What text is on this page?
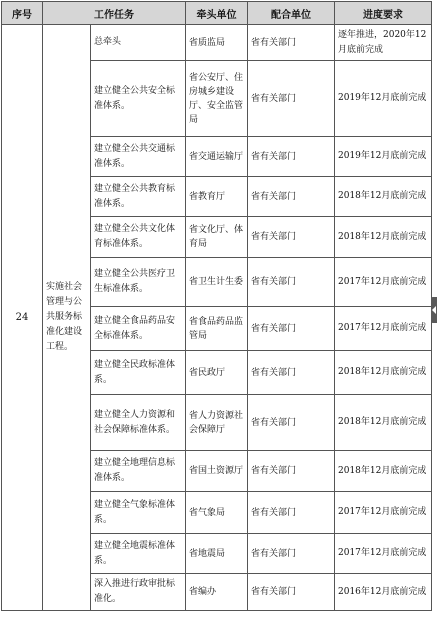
序号	工作任务		牵头单位	配合单位	进度要求
24	实施社会管理与公共服务标准化建设工程。	总牵头	省质监局	省有关部门	逐年推进，2020年12月底前完成
		建立健全公共安全标准体系。	省公安厅、住房城乡建设厅、安全监管局	省有关部门	2019年12月底前完成
		建立健全公共交通标准体系。	省交通运输厅	省有关部门	2019年12月底前完成
		建立健全公共教育标准体系。	省教育厅	省有关部门	2018年12月底前完成
		建立健全公共文化体育标准体系。	省文化厅、体育局	省有关部门	2018年12月底前完成
		建立健全公共医疗卫生标准体系。	省卫生计生委	省有关部门	2017年12月底前完成
		建立健全食品药品安全标准体系。	省食品药品监管局	省有关部门	2017年12月底前完成
		建立健全民政标准体系。	省民政厅	省有关部门	2018年12月底前完成
		建立健全人力资源和社会保障标准体系。	省人力资源社会保障厅	省有关部门	2018年12月底前完成
		建立健全地理信息标准体系。	省国土资源厅	省有关部门	2018年12月底前完成
		建立健全气象标准体系。	省气象局	省有关部门	2017年12月底前完成
		建立健全地震标准体系。	省地震局	省有关部门	2017年12月底前完成
		深入推进行政审批标准化。	省编办	省有关部门	2016年12月底前完成
